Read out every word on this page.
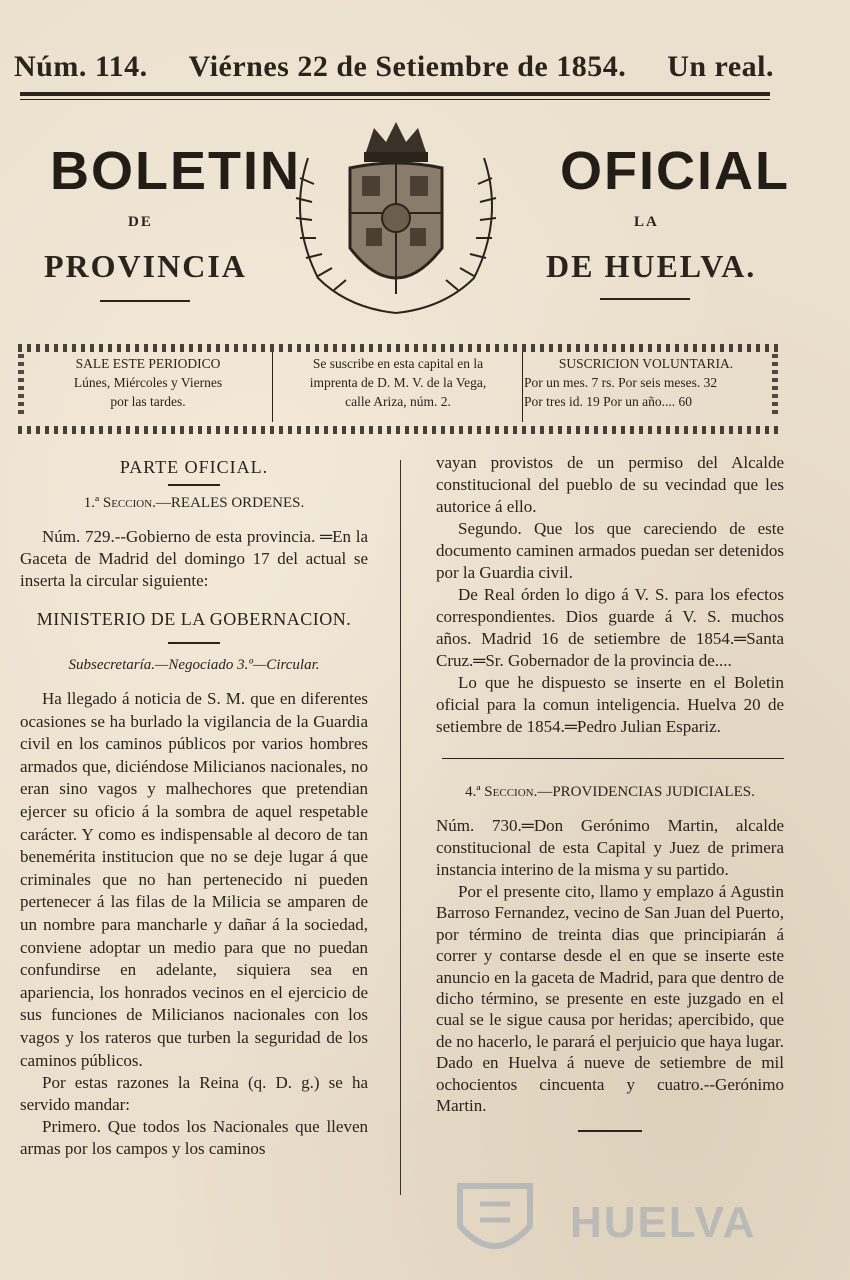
Núm. 114. Viérnes 22 de Setiembre de 1854. Un real.
BOLETIN
DE
PROVINCIA
OFICIAL
LA
DE HUELVA.
SALE ESTE PERIODICO
Lúnes, Miércoles y Viernes
por las tardes.
Se suscribe en esta capital en la
imprenta de D. M. V. de la Vega,
calle Ariza, núm. 2.
SUSCRICION VOLUNTARIA.
Por un mes. 7 rs. Por seis meses. 32
Por tres id. 19 Por un año.... 60

PARTE OFICIAL.

1.ª Seccion.—REALES ORDENES.

Núm. 729.--Gobierno de esta provincia. ═En la Gaceta de Madrid del domingo 17 del actual se inserta la circular siguiente:

MINISTERIO DE LA GOBERNACION.

Subsecretaría.—Negociado 3.º—Circular.

Ha llegado á noticia de S. M. que en diferentes ocasiones se ha burlado la vigilancia de la Guardia civil en los caminos públicos por varios hombres armados que, diciéndose Milicianos nacionales, no eran sino vagos y malhechores que pretendian ejercer su oficio á la sombra de aquel respetable carácter. Y como es indispensable al decoro de tan benemérita institucion que no se deje lugar á que criminales que no han pertenecido ni pueden pertenecer á las filas de la Milicia se amparen de un nombre para mancharle y dañar á la sociedad, conviene adoptar un medio para que no puedan confundirse en adelante, siquiera sea en apariencia, los honrados vecinos en el ejercicio de sus funciones de Milicianos nacionales con los vagos y los rateros que turben la seguridad de los caminos públicos.

Por estas razones la Reina (q. D. g.) se ha servido mandar:

Primero. Que todos los Nacionales que lleven armas por los campos y los caminos

vayan provistos de un permiso del Alcalde constitucional del pueblo de su vecindad que les autorice á ello.

Segundo. Que los que careciendo de este documento caminen armados puedan ser detenidos por la Guardia civil.

De Real órden lo digo á V. S. para los efectos correspondientes. Dios guarde á V. S. muchos años. Madrid 16 de setiembre de 1854.═Santa Cruz.═Sr. Gobernador de la provincia de....

Lo que he dispuesto se inserte en el Boletin oficial para la comun inteligencia. Huelva 20 de setiembre de 1854.═Pedro Julian Espariz.

4.ª Seccion.—PROVIDENCIAS JUDICIALES.

Núm. 730.═Don Gerónimo Martin, alcalde constitucional de esta Capital y Juez de primera instancia interino de la misma y su partido.

Por el presente cito, llamo y emplazo á Agustin Barroso Fernandez, vecino de San Juan del Puerto, por término de treinta dias que principiarán á correr y contarse desde el en que se inserte este anuncio en la gaceta de Madrid, para que dentro de dicho término, se presente en este juzgado en el cual se le sigue causa por heridas; apercibido, que de no hacerlo, le parará el perjuicio que haya lugar. Dado en Huelva á nueve de setiembre de mil ochocientos cincuenta y cuatro.--Gerónimo Martin.

HUELVA
